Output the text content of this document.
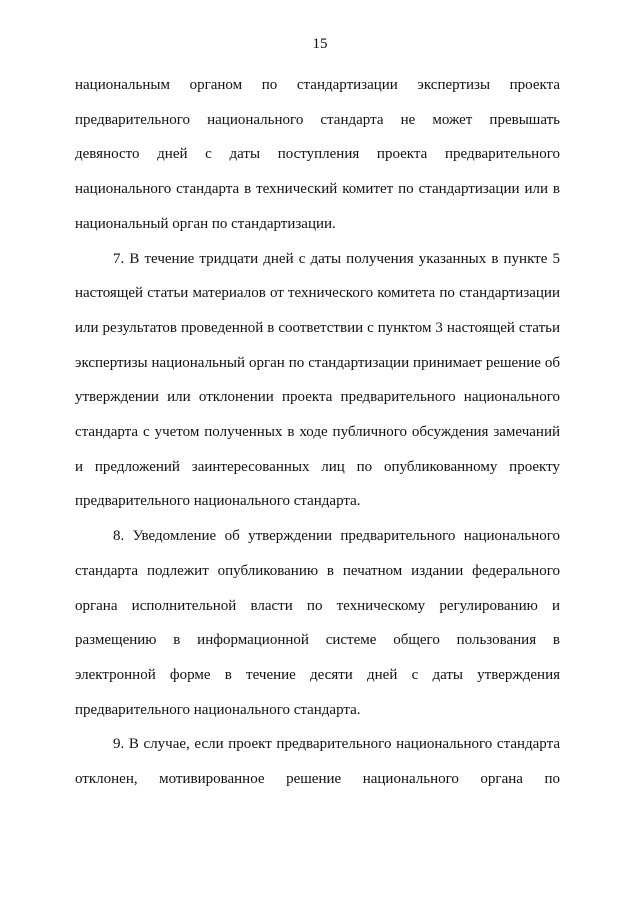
15

национальным органом по стандартизации экспертизы проекта предварительного национального стандарта не может превышать девяносто дней с даты поступления проекта предварительного национального стандарта в технический комитет по стандартизации или в национальный орган по стандартизации.

7. В течение тридцати дней с даты получения указанных в пункте 5 настоящей статьи материалов от технического комитета по стандартизации или результатов проведенной в соответствии с пунктом 3 настоящей статьи экспертизы национальный орган по стандартизации принимает решение об утверждении или отклонении проекта предварительного национального стандарта с учетом полученных в ходе публичного обсуждения замечаний и предложений заинтересованных лиц по опубликованному проекту предварительного национального стандарта.

8. Уведомление об утверждении предварительного национального стандарта подлежит опубликованию в печатном издании федерального органа исполнительной власти по техническому регулированию и размещению в информационной системе общего пользования в электронной форме в течение десяти дней с даты утверждения предварительного национального стандарта.

9. В случае, если проект предварительного национального стандарта отклонен, мотивированное решение национального органа по
